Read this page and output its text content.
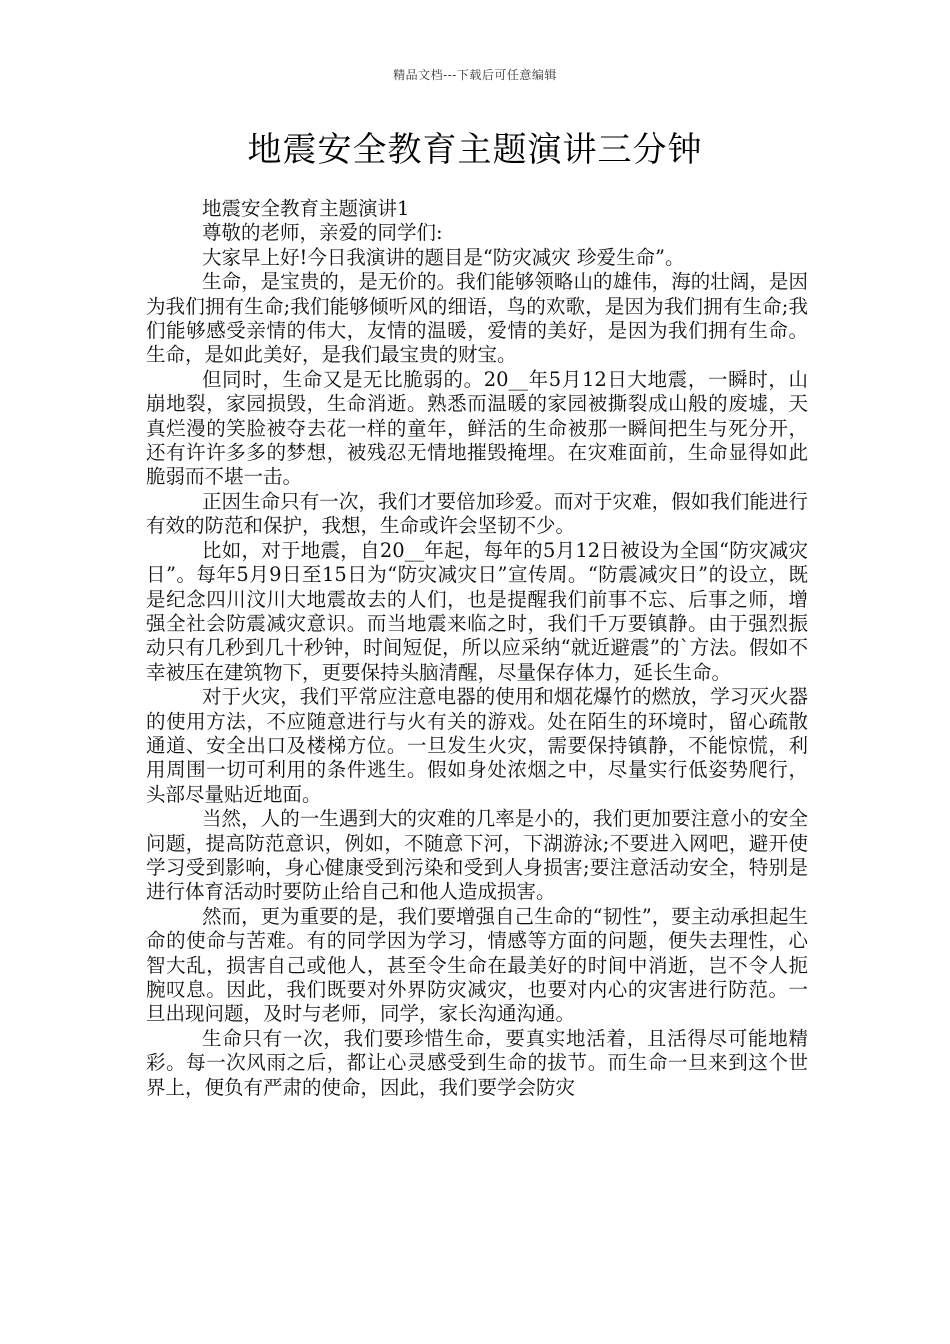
精品文档---下载后可任意编辑
地震安全教育主题演讲三分钟

地震安全教育主题演讲1

尊敬的老师，亲爱的同学们:

大家早上好!今日我演讲的题目是“防灾减灾 珍爱生命”。

生命，是宝贵的，是无价的。我们能够领略山的雄伟，海的壮阔，是因为我们拥有生命;我们能够倾听风的细语，鸟的欢歌，是因为我们拥有生命;我们能够感受亲情的伟大，友情的温暖，爱情的美好，是因为我们拥有生命。生命，是如此美好，是我们最宝贵的财宝。

但同时，生命又是无比脆弱的。20__年5月12日大地震，一瞬时，山崩地裂，家园损毁，生命消逝。熟悉而温暖的家园被撕裂成山般的废墟，天真烂漫的笑脸被夺去花一样的童年，鲜活的生命被那一瞬间把生与死分开，还有许许多多的梦想，被残忍无情地摧毁掩埋。在灾难面前，生命显得如此脆弱而不堪一击。

正因生命只有一次，我们才要倍加珍爱。而对于灾难，假如我们能进行有效的防范和保护，我想，生命或许会坚韧不少。

比如，对于地震，自20__年起，每年的5月12日被设为全国“防灾减灾日”。每年5月9日至15日为“防灾减灾日”宣传周。“防震减灾日”的设立，既是纪念四川汶川大地震故去的人们，也是提醒我们前事不忘、后事之师，增强全社会防震减灾意识。而当地震来临之时，我们千万要镇静。由于强烈振动只有几秒到几十秒钟，时间短促，所以应采纳“就近避震”的`方法。假如不幸被压在建筑物下，更要保持头脑清醒，尽量保存体力，延长生命。

对于火灾，我们平常应注意电器的使用和烟花爆竹的燃放，学习灭火器的使用方法，不应随意进行与火有关的游戏。处在陌生的环境时，留心疏散通道、安全出口及楼梯方位。一旦发生火灾，需要保持镇静，不能惊慌，利用周围一切可利用的条件逃生。假如身处浓烟之中，尽量实行低姿势爬行，头部尽量贴近地面。

当然，人的一生遇到大的灾难的几率是小的，我们更加要注意小的安全问题，提高防范意识，例如，不随意下河，下湖游泳;不要进入网吧，避开使学习受到影响，身心健康受到污染和受到人身损害;要注意活动安全，特别是进行体育活动时要防止给自己和他人造成损害。

然而，更为重要的是，我们要增强自己生命的“韧性”，要主动承担起生命的使命与苦难。有的同学因为学习，情感等方面的问题，便失去理性，心智大乱，损害自己或他人，甚至令生命在最美好的时间中消逝，岂不令人扼腕叹息。因此，我们既要对外界防灾减灾，也要对内心的灾害进行防范。一旦出现问题，及时与老师，同学，家长沟通沟通。

生命只有一次，我们要珍惜生命，要真实地活着，且活得尽可能地精彩。每一次风雨之后，都让心灵感受到生命的拔节。而生命一旦来到这个世界上，便负有严肃的使命，因此，我们要学会防灾
